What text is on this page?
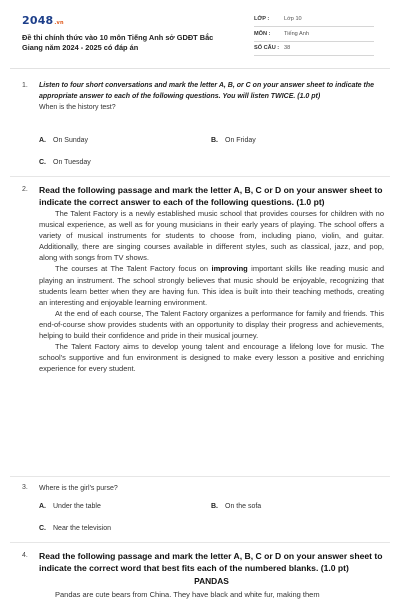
2048.vn
Đề thi chính thức vào 10 môn Tiếng Anh sở GDĐT Bắc Giang năm 2024 - 2025 có đáp án
LỚP :	Lớp 10
MÔN : Tiếng Anh
SỐ CÂU : 38
1. Listen to four short conversations and mark the letter A, B, or C on your answer sheet to indicate the appropriate answer to each of the following questions. You will listen TWICE. (1.0 pt)
When is the history test?
A. On Sunday	B. On Friday
C. On Tuesday
2. Read the following passage and mark the letter A, B, C or D on your answer sheet to indicate the correct answer to each of the following questions. (1.0 pt)

The Talent Factory is a newly established music school that provides courses for children with no musical experience, as well as for young musicians in their early years of playing. The school offers a variety of musical instruments for students to choose from, including piano, violin, and guitar. Additionally, there are singing courses available in different styles, such as classical, jazz, and pop, along with songs from TV shows.

The courses at The Talent Factory focus on improving important skills like reading music and playing an instrument. The school strongly believes that music should be enjoyable, recognizing that students learn better when they are having fun. This idea is built into their teaching methods, creating an interesting and enjoyable learning environment.

At the end of each course, The Talent Factory organizes a performance for family and friends. This end-of-course show provides students with an opportunity to display their progress and achievements, helping to build their confidence and pride in their musical journey.

The Talent Factory aims to develop young talent and encourage a lifelong love for music. The school's supportive and fun environment is designed to make every lesson a positive and enriching experience for every student.

3. Where is the girl's purse?
A. Under the table	B. On the sofa
C. Near the television
4. Read the following passage and mark the letter A, B, C or D on your answer sheet to indicate the correct word that best fits each of the numbered blanks. (1.0 pt)
PANDAS
Pandas are cute bears from China. They have black and white fur, making them
